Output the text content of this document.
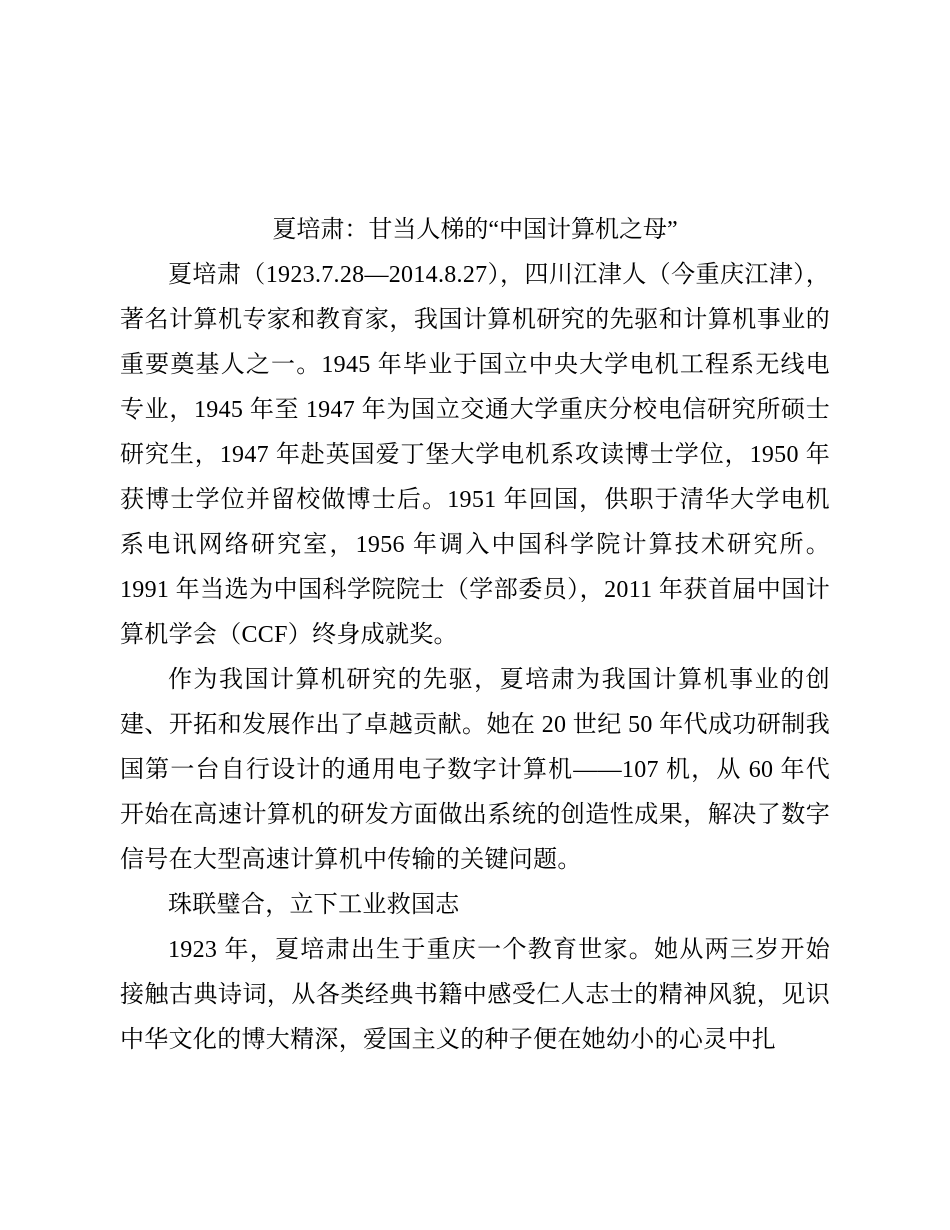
夏培肃：甘当人梯的“中国计算机之母”

夏培肃（1923.7.28—2014.8.27），四川江津人（今重庆江津），著名计算机专家和教育家，我国计算机研究的先驱和计算机事业的重要奠基人之一。1945 年毕业于国立中央大学电机工程系无线电专业，1945 年至 1947 年为国立交通大学重庆分校电信研究所硕士研究生，1947 年赴英国爱丁堡大学电机系攻读博士学位，1950 年获博士学位并留校做博士后。1951 年回国，供职于清华大学电机系电讯网络研究室，1956 年调入中国科学院计算技术研究所。1991 年当选为中国科学院院士（学部委员），2011 年获首届中国计算机学会（CCF）终身成就奖。

作为我国计算机研究的先驱，夏培肃为我国计算机事业的创建、开拓和发展作出了卓越贡献。她在 20 世纪 50 年代成功研制我国第一台自行设计的通用电子数字计算机——107 机，从 60 年代开始在高速计算机的研发方面做出系统的创造性成果，解决了数字信号在大型高速计算机中传输的关键问题。

珠联璧合，立下工业救国志

1923 年，夏培肃出生于重庆一个教育世家。她从两三岁开始接触古典诗词，从各类经典书籍中感受仁人志士的精神风貌，见识中华文化的博大精深，爱国主义的种子便在她幼小的心灵中扎
